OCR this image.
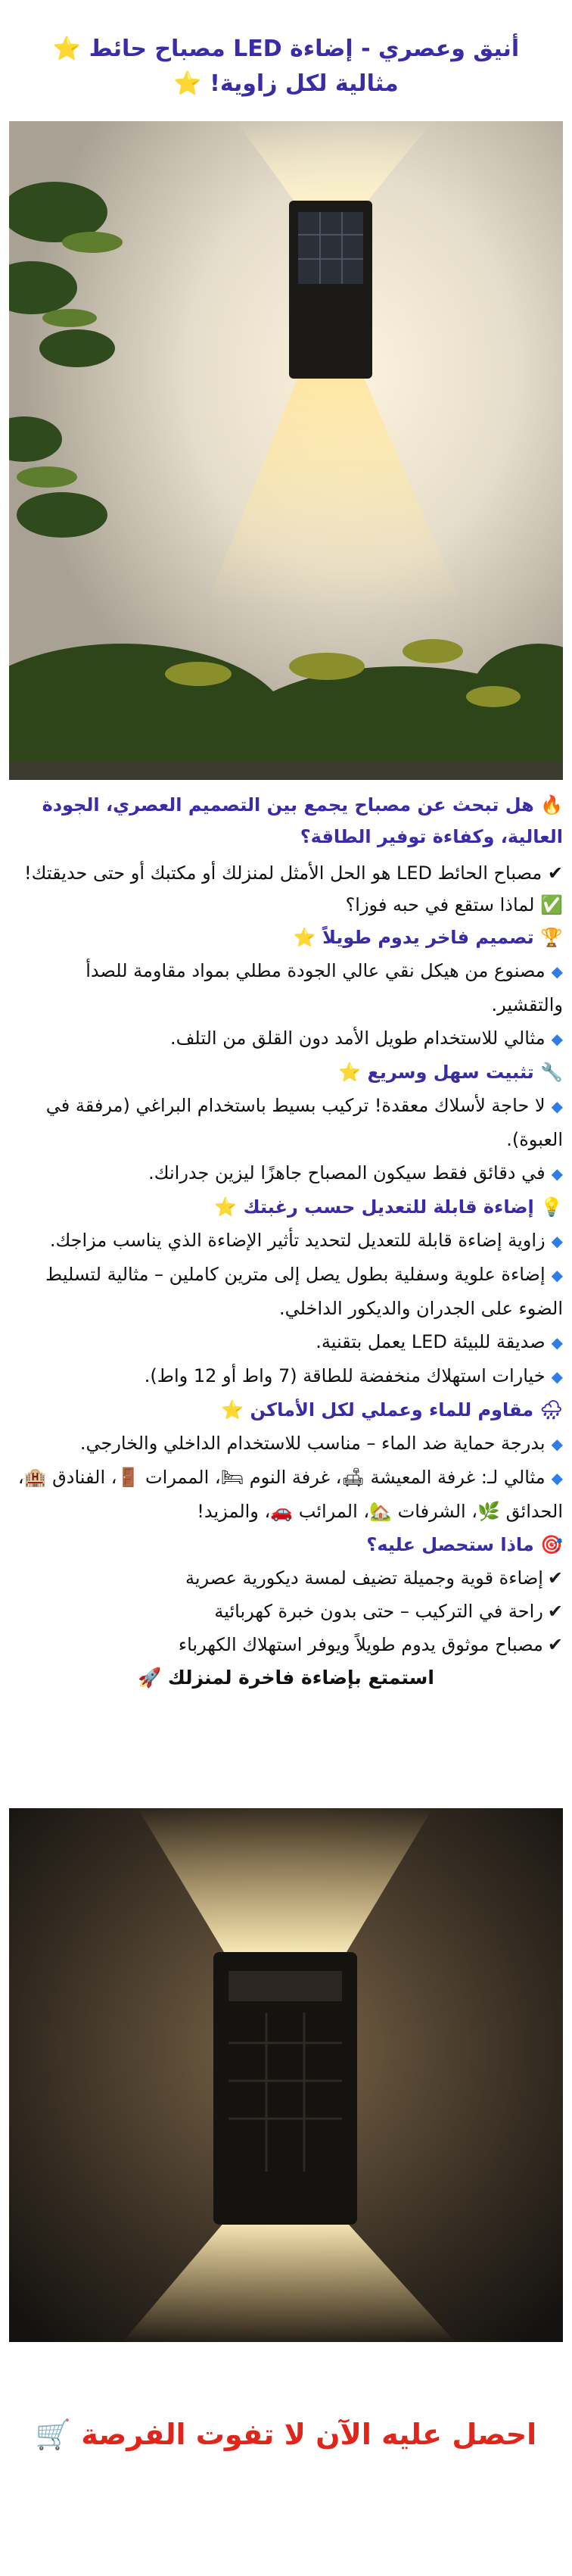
أنيق وعصري - إضاءة LED مصباح حائط ⭐
مثالية لكل زاوية! ⭐
🔥 هل تبحث عن مصباح يجمع بين التصميم العصري، الجودة العالية، وكفاءة توفير الطاقة؟
✔ مصباح الحائط LED هو الحل الأمثل لمنزلك أو مكتبك أو حتى حديقتك!
✅ لماذا ستقع في حبه فوزا؟
🏆 تصميم فاخر يدوم طويلاً ⭐
◆مصنوع من هيكل نقي عالي الجودة مطلي بمواد مقاومة للصدأ والتقشير.
◆مثالي للاستخدام طويل الأمد دون القلق من التلف.
🔧 تثبيت سهل وسريع ⭐
◆لا حاجة لأسلاك معقدة! تركيب بسيط باستخدام البراغي (مرفقة في العبوة).
◆في دقائق فقط سيكون المصباح جاهزًا ليزين جدرانك.
💡 إضاءة قابلة للتعديل حسب رغبتك ⭐
◆زاوية إضاءة قابلة للتعديل لتحديد تأثير الإضاءة الذي يناسب مزاجك.
◆إضاءة علوية وسفلية بطول يصل إلى مترين كاملين – مثالية لتسليط الضوء على الجدران والديكور الداخلي.
◆صديقة للبيئة LED يعمل بتقنية.
◆خيارات استهلاك منخفضة للطاقة (7 واط أو 12 واط).
🌧 مقاوم للماء وعملي لكل الأماكن ⭐
◆بدرجة حماية ضد الماء – مناسب للاستخدام الداخلي والخارجي.
◆مثالي لـ: غرفة المعيشة 🛋، غرفة النوم 🛏، الممرات 🚪، الفنادق 🏨، الحدائق 🌿، الشرفات 🏡، المرائب 🚗، والمزيد!
🎯 ماذا ستحصل عليه؟
✔إضاءة قوية وجميلة تضيف لمسة ديكورية عصرية
✔راحة في التركيب – حتى بدون خبرة كهربائية
✔مصباح موثوق يدوم طويلاً ويوفر استهلاك الكهرباء
استمتع بإضاءة فاخرة لمنزلك 🚀
احصل عليه الآن لا تفوت الفرصة 🛒
